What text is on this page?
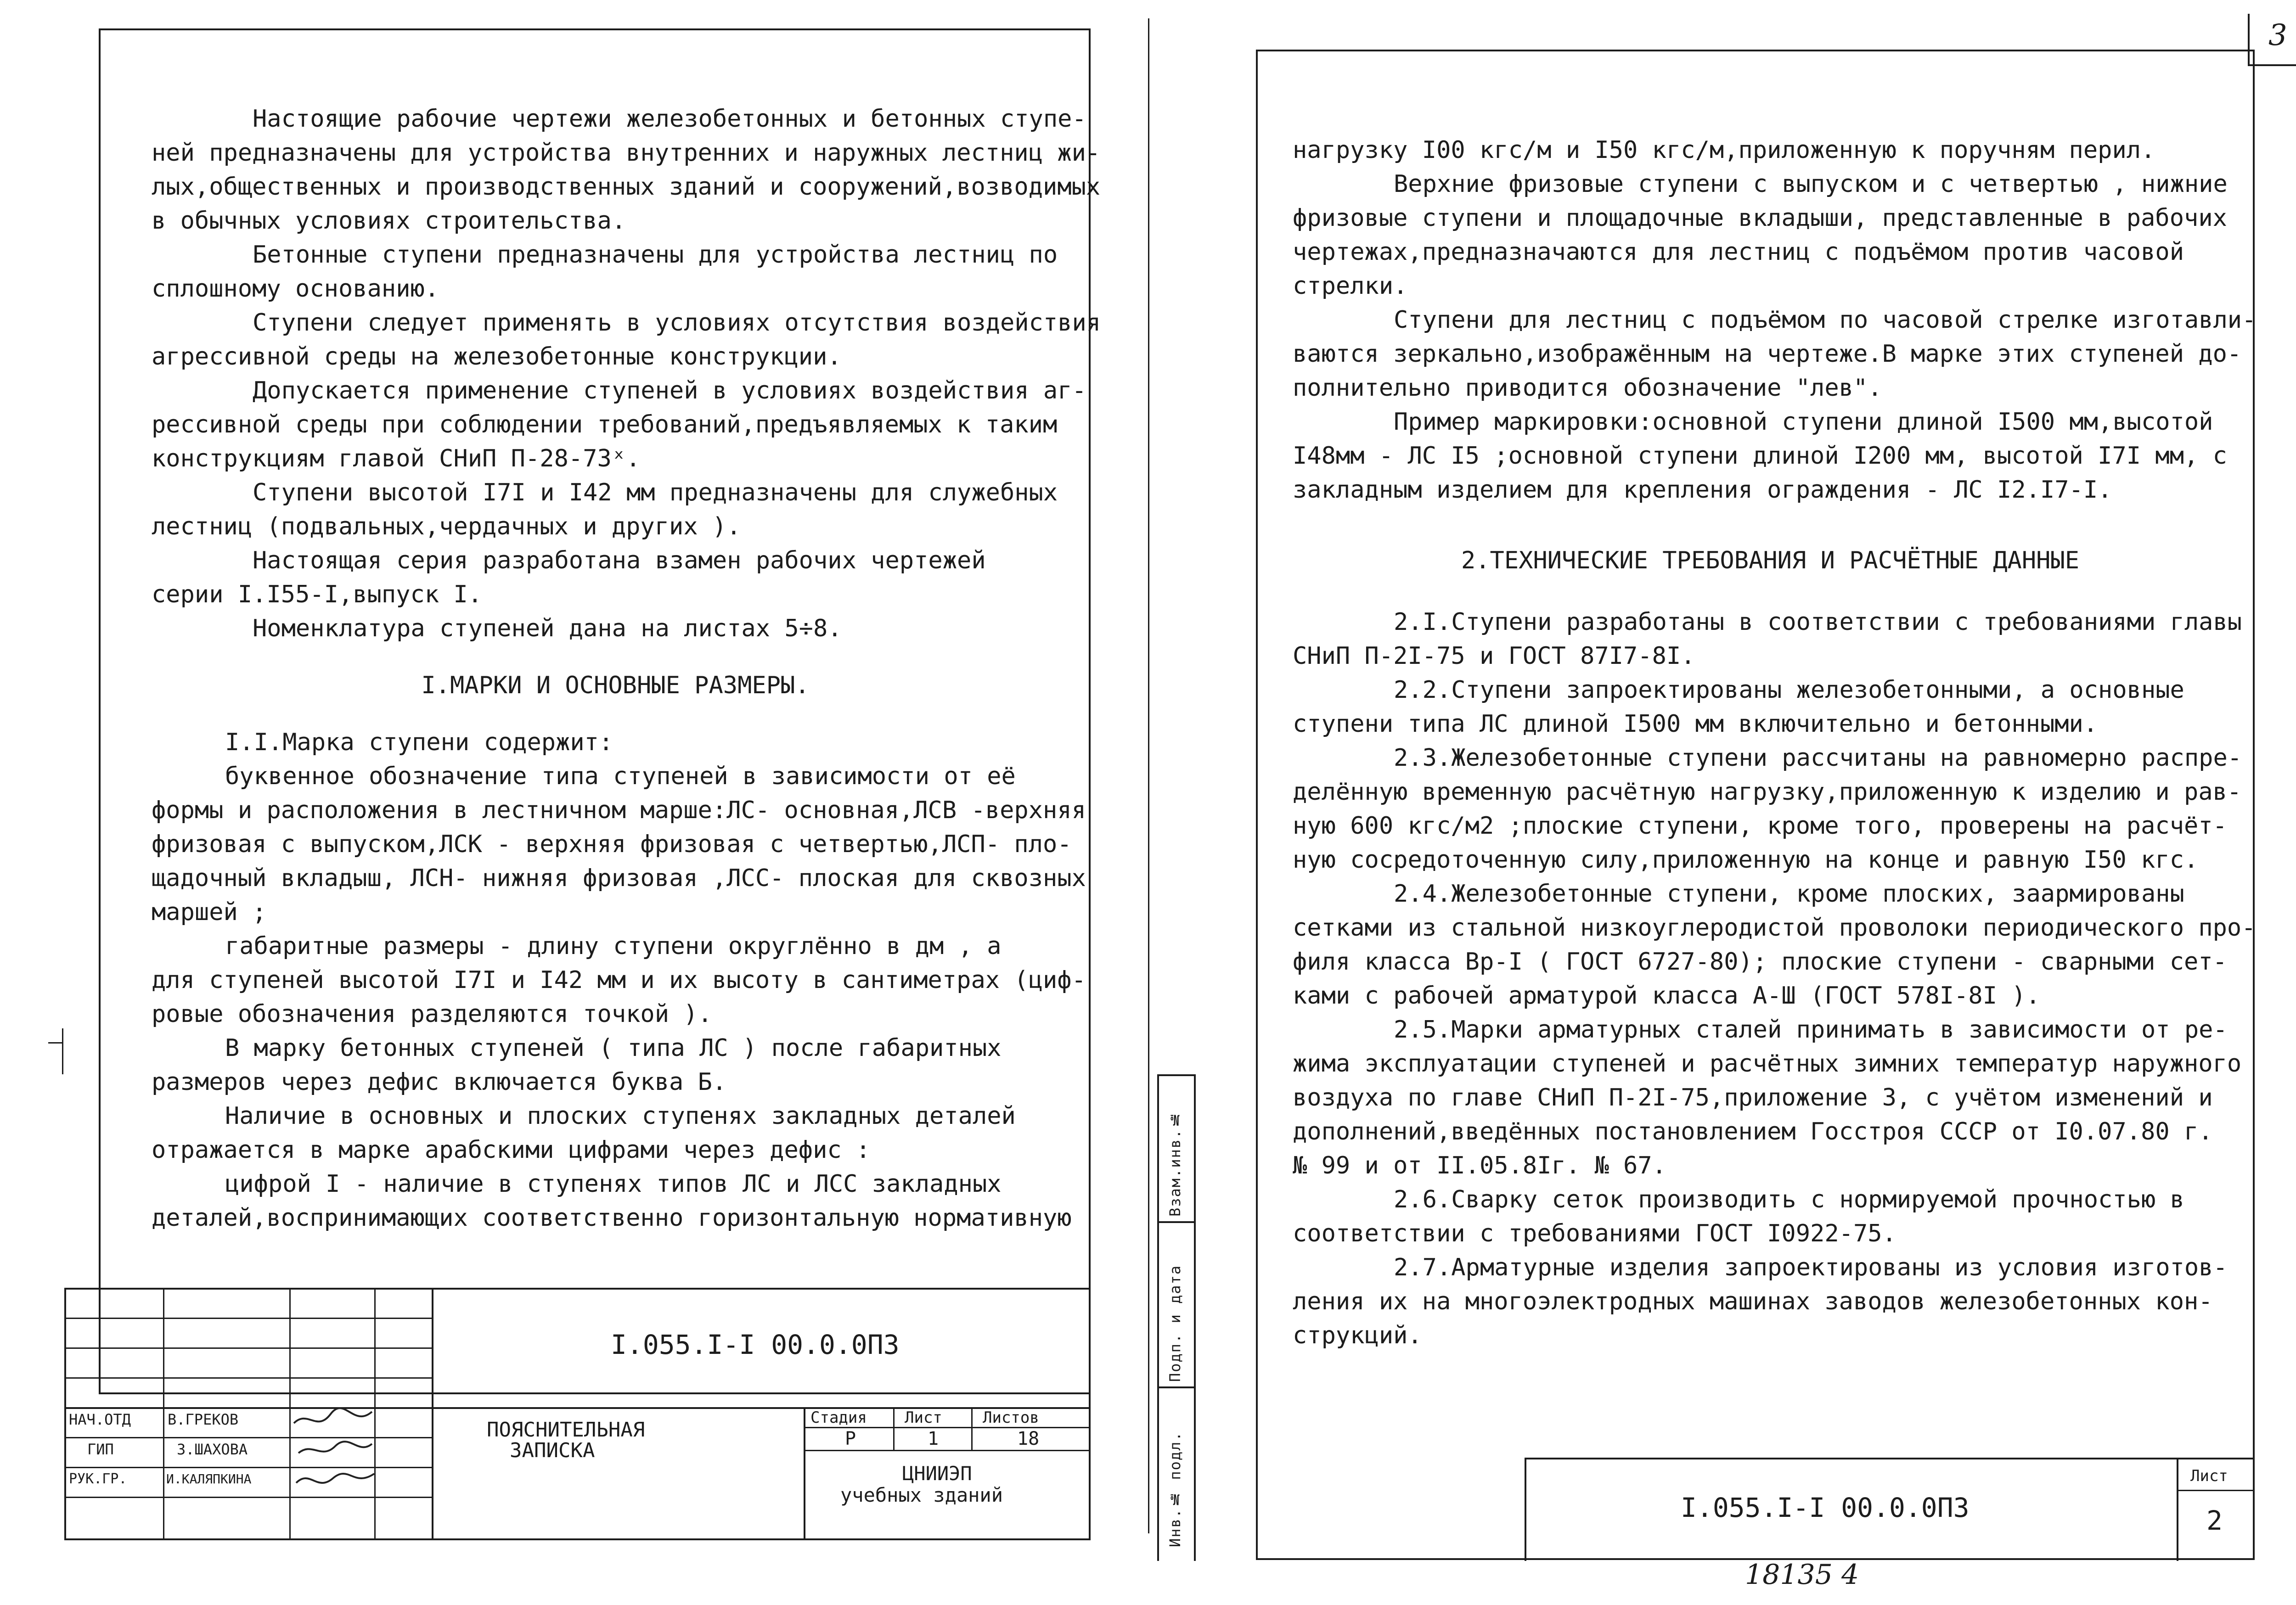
Настоящие рабочие чертежи железобетонных и бетонных ступе-
ней предназначены для устройства внутренних и наружных лестниц жи-
лых,общественных и производственных зданий и сооружений,возводимых
в обычных условиях строительства.
Бетонные ступени предназначены для устройства лестниц по
сплошному основанию.
Ступени следует применять в условиях отсутствия воздействия
агрессивной среды на железобетонные конструкции.
Допускается применение ступеней в условиях воздействия аг-
рессивной среды при соблюдении требований,предъявляемых к таким
конструкциям главой СНиП П-28-73ˣ.
Ступени высотой I7I и I42 мм предназначены для служебных
лестниц (подвальных,чердачных и других ).
Настоящая серия разработана взамен рабочих чертежей
серии I.I55-I,выпуск I.
Номенклатура ступеней дана на листах 5÷8.
I.МАРКИ И ОСНОВНЫЕ РАЗМЕРЫ.
I.I.Марка ступени содержит:
буквенное обозначение типа ступеней в зависимости от её
формы и расположения в лестничном марше:ЛС- основная,ЛСВ -верхняя
фризовая с выпуском,ЛСК - верхняя фризовая с четвертью,ЛСП- пло-
щадочный вкладыш, ЛСН- нижняя фризовая ,ЛСС- плоская для сквозных
маршей ;
габаритные размеры - длину ступени округлённо в дм , а
для ступеней высотой I7I и I42 мм и их высоту в сантиметрах (циф-
ровые обозначения разделяются точкой ).
В марку бетонных ступеней ( типа ЛС ) после габаритных
размеров через дефис включается буква Б.
Наличие в основных и плоских ступенях закладных деталей
отражается в марке арабскими цифрами через дефис :
цифрой I - наличие в ступенях типов ЛС и ЛСС закладных
деталей,воспринимающих соответственно горизонтальную нормативную
I.055.I-I 00.0.0П3
ПОЯСНИТЕЛЬНАЯ
ЗАПИСКА
Стадия Лист	Листов
Р	1	18
ЦНИИЭП
учебных зданий
НАЧ.ОТД	В.ГРЕКОВ
ГИП	З.ШАХОВА
РУК.ГР.	И.КАЛЯПКИНА
3
нагрузку I00 кгс/м и I50 кгс/м,приложенную к поручням перил.
Верхние фризовые ступени с выпуском и с четвертью , нижние
фризовые ступени и площадочные вкладыши, представленные в рабочих
чертежах,предназначаются для лестниц с подъёмом против часовой
стрелки.
Ступени для лестниц с подъёмом по часовой стрелке изготавли-
ваются зеркально,изображённым на чертеже.В марке этих ступеней до-
полнительно приводится обозначение "лев".
Пример маркировки:основной ступени длиной I500 мм,высотой
I48мм - ЛС I5 ;основной ступени длиной I200 мм, высотой I7I мм, с
закладным изделием для крепления ограждения - ЛС I2.I7-I.
2.ТЕХНИЧЕСКИЕ ТРЕБОВАНИЯ И РАСЧЁТНЫЕ ДАННЫЕ
2.I.Ступени разработаны в соответствии с требованиями главы
СНиП П-2I-75 и ГОСТ 87I7-8I.
2.2.Ступени запроектированы железобетонными, а основные
ступени типа ЛС длиной I500 мм включительно и бетонными.
2.3.Железобетонные ступени рассчитаны на равномерно распре-
делённую временную расчётную нагрузку,приложенную к изделию и рав-
ную 600 кгс/м2 ;плоские ступени, кроме того, проверены на расчёт-
ную сосредоточенную силу,приложенную на конце и равную I50 кгс.
2.4.Железобетонные ступени, кроме плоских, заармированы
сетками из стальной низкоуглеродистой проволоки периодического про-
филя класса Вр-I ( ГОСТ 6727-80); плоские ступени - сварными сет-
ками с рабочей арматурой класса А-Ш (ГОСТ 578I-8I ).
2.5.Марки арматурных сталей принимать в зависимости от ре-
жима эксплуатации ступеней и расчётных зимних температур наружного
воздуха по главе СНиП П-2I-75,приложение 3, с учётом изменений и
дополнений,введённых постановлением Госстроя СССР от I0.07.80 г.
№ 99 и от II.05.8Iг. № 67.
2.6.Сварку сеток производить с нормируемой прочностью в
соответствии с требованиями ГОСТ I0922-75.
2.7.Арматурные изделия запроектированы из условия изготов-
ления их на многоэлектродных машинах заводов железобетонных кон-
струкций.
Инв.№ подл.
Подп. и дата
Взам.инв.№
I.055.I-I 00.0.0П3
Лист
2
18135 4
